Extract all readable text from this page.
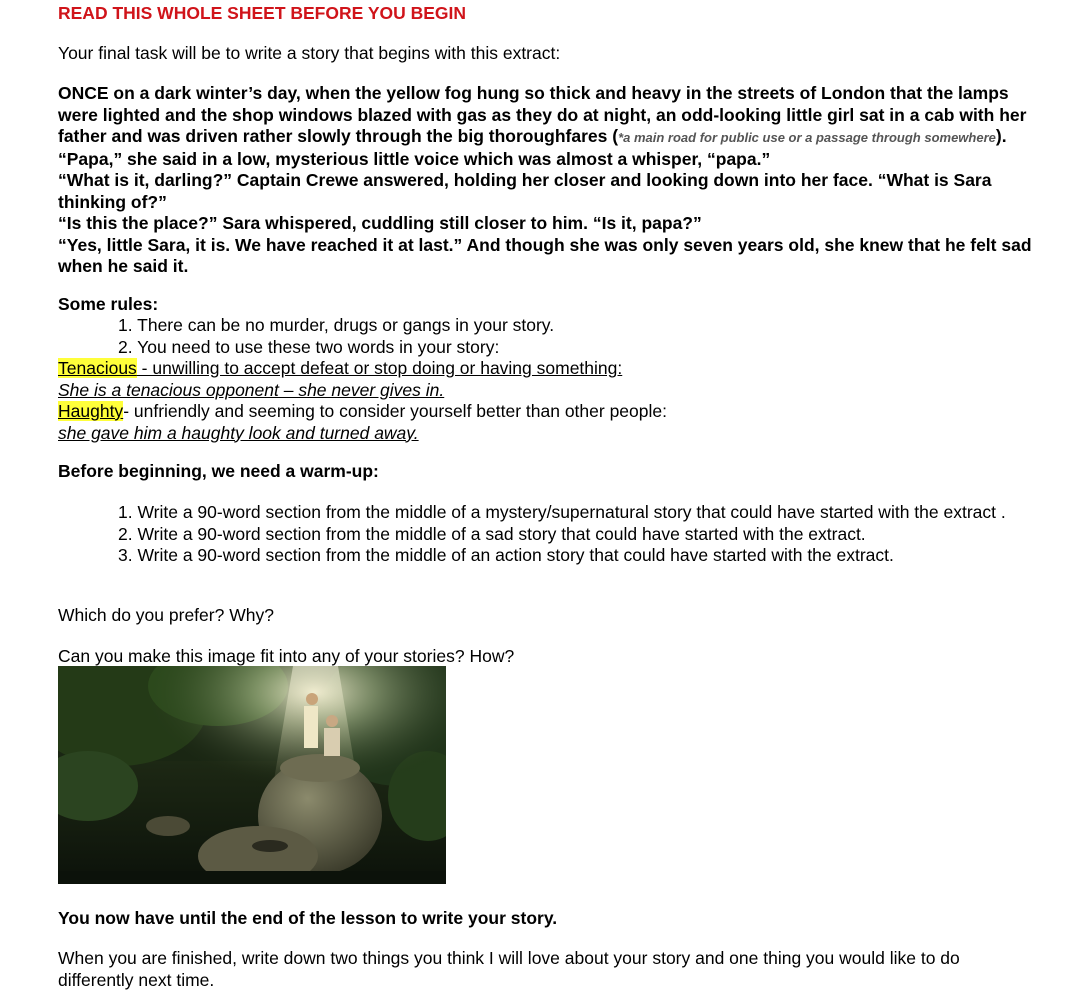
READ THIS WHOLE SHEET BEFORE YOU BEGIN

Your final task will be to write a story that begins with this extract:

ONCE on a dark winter’s day, when the yellow fog hung so thick and heavy in the streets of London that the lamps were lighted and the shop windows blazed with gas as they do at night, an odd-looking little girl sat in a cab with her father and was driven rather slowly through the big thoroughfares (*a main road for public use or a passage through somewhere).

“Papa,” she said in a low, mysterious little voice which was almost a whisper, “papa.”

“What is it, darling?” Captain Crewe answered, holding her closer and looking down into her face. “What is Sara thinking of?”

“Is this the place?” Sara whispered, cuddling still closer to him. “Is it, papa?”

“Yes, little Sara, it is. We have reached it at last.” And though she was only seven years old, she knew that he felt sad when he said it.

Some rules:

1. There can be no murder, drugs or gangs in your story.

2. You need to use these two words in your story:

Tenacious - unwilling to accept defeat or stop doing or having something:

She is a tenacious opponent – she never gives in.

Haughty- unfriendly and seeming to consider yourself better than other people:

she gave him a haughty look and turned away.

Before beginning, we need a warm-up:

1. Write a 90-word section from the middle of a mystery/supernatural story that could have started with the extract .

2. Write a 90-word section from the middle of a sad story that could have started with the extract.

3. Write a 90-word section from the middle of an action story that could have started with the extract.

Which do you prefer? Why?

Can you make this image fit into any of your stories? How?

You now have until the end of the lesson to write your story.

When you are finished, write down two things you think I will love about your story and one thing you would like to do differently next time.
